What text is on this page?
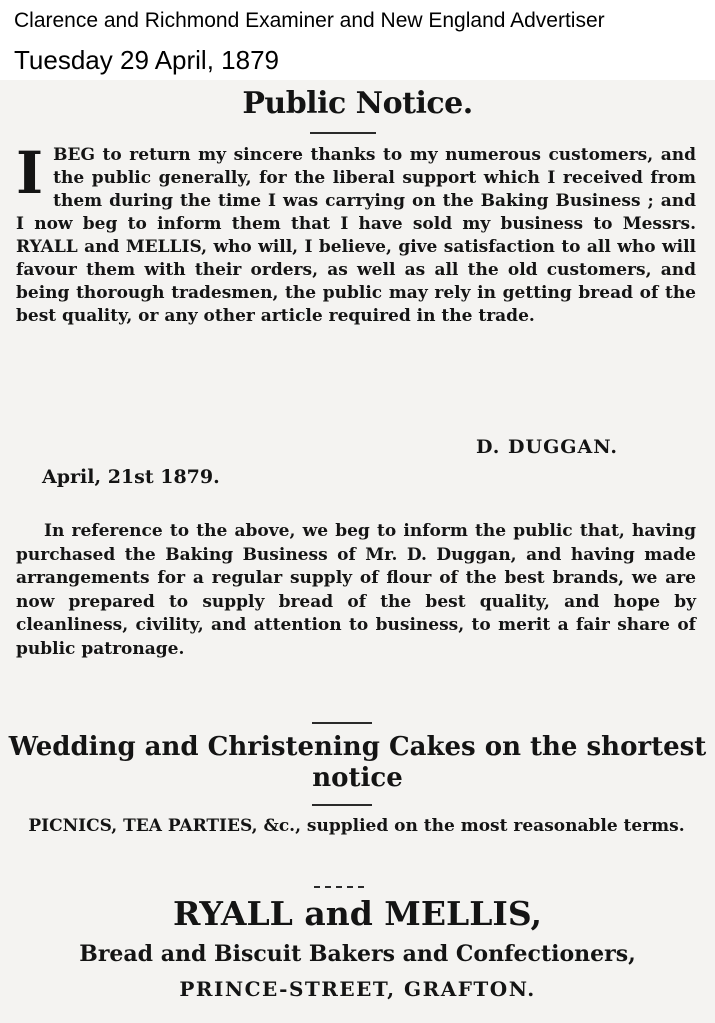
Clarence and Richmond Examiner and New England Advertiser
Tuesday 29 April, 1879
Public Notice.
I BEG to return my sincere thanks to my numerous customers, and the public generally, for the liberal support which I received from them during the time I was carrying on the Baking Business ; and I now beg to inform them that I have sold my business to Messrs. RYALL and MELLIS, who will, I believe, give satisfaction to all who will favour them with their orders, as well as all the old customers, and being thorough tradesmen, the public may rely in getting bread of the best quality, or any other article required in the trade.
D. DUGGAN.
April, 21st 1879.
In reference to the above, we beg to inform the public that, having purchased the Baking Business of Mr. D. Duggan, and having made arrangements for a regular supply of flour of the best brands, we are now prepared to supply bread of the best quality, and hope by cleanliness, civility, and attention to business, to merit a fair share of public patronage.
Wedding and Christening Cakes on the shortest notice
PICNICS, TEA PARTIES, &c., supplied on the most reasonable terms.
RYALL and MELLIS,
Bread and Biscuit Bakers and Confectioners,
PRINCE-STREET, GRAFTON.
